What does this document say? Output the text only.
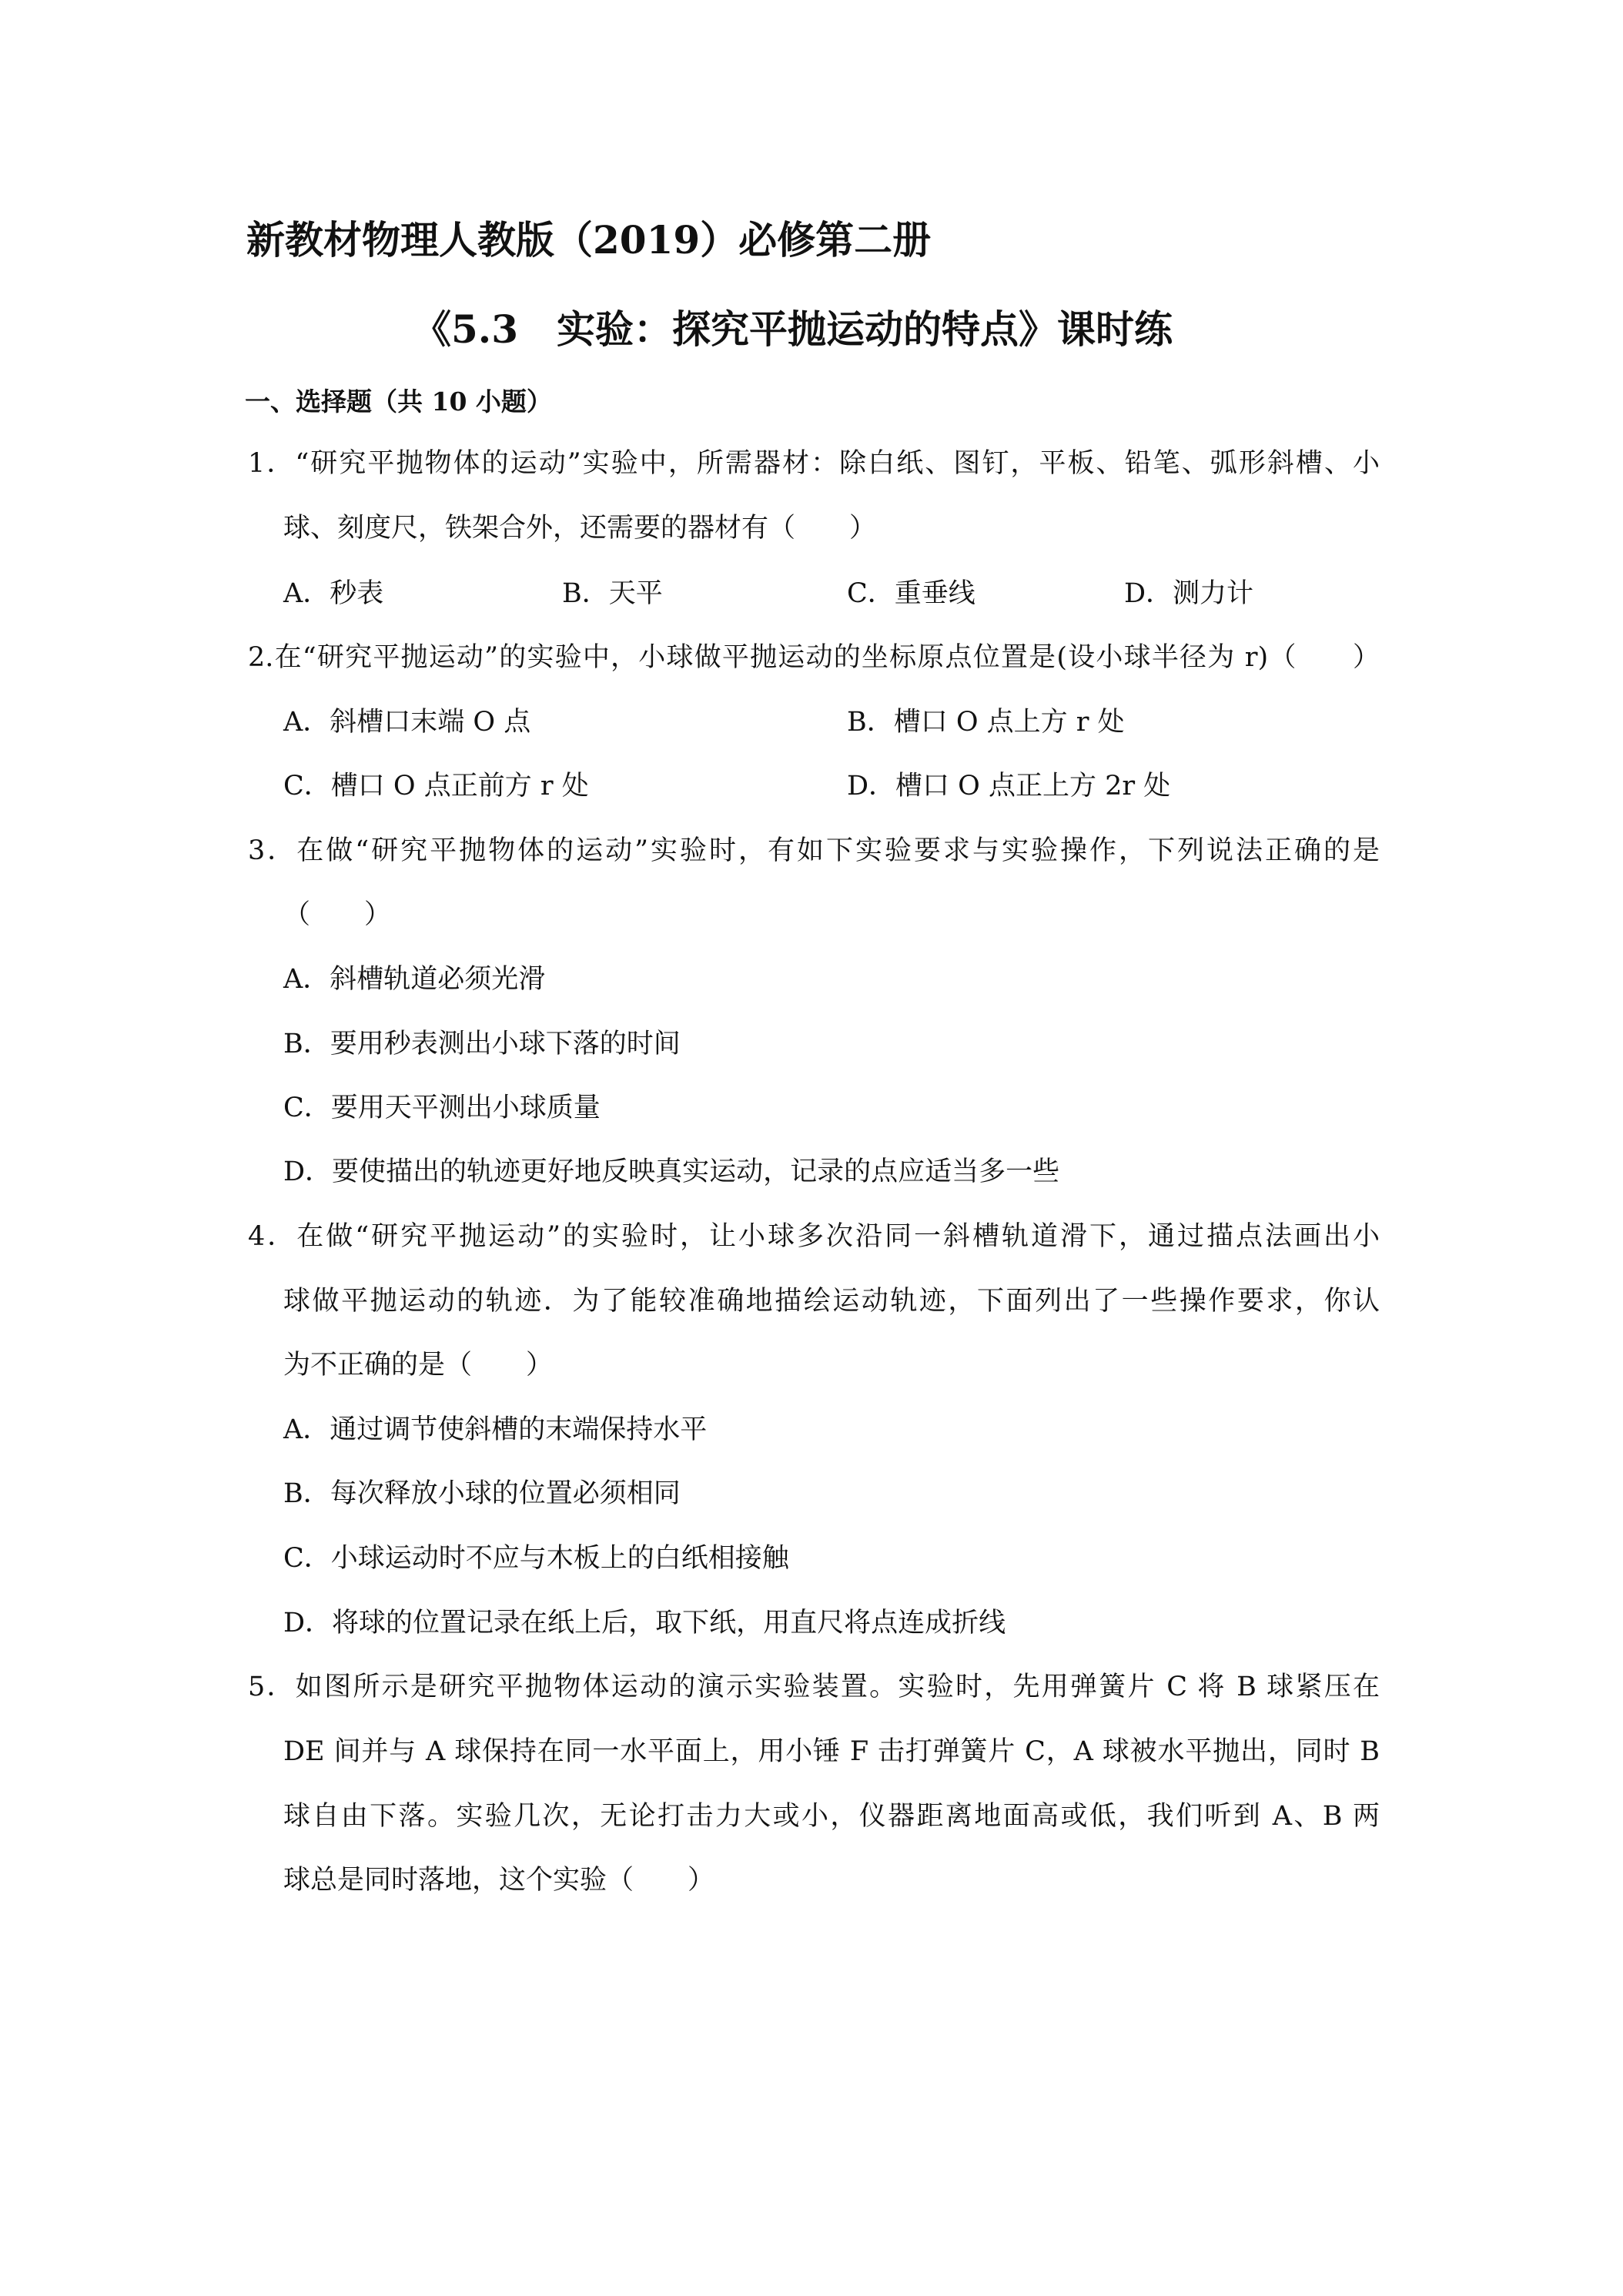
新教材物理人教版（2019）必修第二册
《5.3　实验：探究平抛运动的特点》课时练
一、选择题（共 10 小题）
1．“研究平抛物体的运动”实验中，所需器材：除白纸、图钉，平板、铅笔、弧形斜槽、小
球、刻度尺，铁架合外，还需要的器材有（　　）
A．秒表	B．天平	C．重垂线	D．测力计
2.在“研究平抛运动”的实验中，小球做平抛运动的坐标原点位置是(设小球半径为 r)（　　）
A．斜槽口末端 O 点	B．槽口 O 点上方 r 处
C．槽口 O 点正前方 r 处	D．槽口 O 点正上方 2r 处
3．在做“研究平抛物体的运动”实验时，有如下实验要求与实验操作，下列说法正确的是
（　　）
A．斜槽轨道必须光滑
B．要用秒表测出小球下落的时间
C．要用天平测出小球质量
D．要使描出的轨迹更好地反映真实运动，记录的点应适当多一些
4．在做“研究平抛运动”的实验时，让小球多次沿同一斜槽轨道滑下，通过描点法画出小
球做平抛运动的轨迹．为了能较准确地描绘运动轨迹，下面列出了一些操作要求，你认
为不正确的是（　　）
A．通过调节使斜槽的末端保持水平
B．每次释放小球的位置必须相同
C．小球运动时不应与木板上的白纸相接触
D．将球的位置记录在纸上后，取下纸，用直尺将点连成折线
5．如图所示是研究平抛物体运动的演示实验装置。实验时，先用弹簧片 C 将 B 球紧压在
DE 间并与 A 球保持在同一水平面上，用小锤 F 击打弹簧片 C，A 球被水平抛出，同时 B
球自由下落。实验几次，无论打击力大或小，仪器距离地面高或低，我们听到 A、B 两
球总是同时落地，这个实验（　　）
